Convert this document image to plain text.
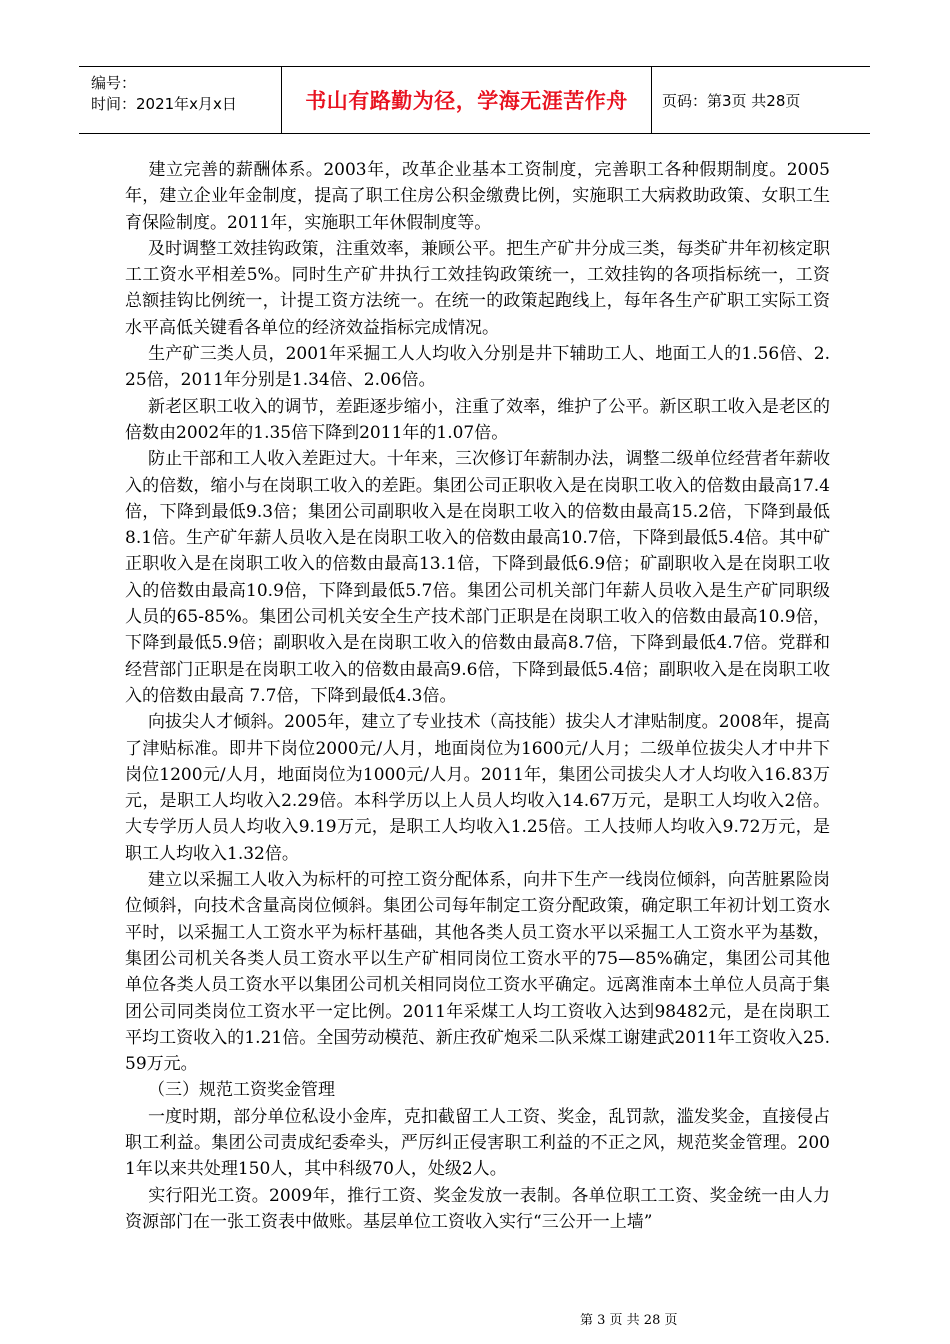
编号：
时间：2021年x月x日	书山有路勤为径，学海无涯苦作舟	页码：第3页 共28页

建立完善的薪酬体系。2003年，改革企业基本工资制度，完善职工各种假期制度。2005年，建立企业年金制度，提高了职工住房公积金缴费比例，实施职工大病救助政策、女职工生育保险制度。2011年，实施职工年休假制度等。

及时调整工效挂钩政策，注重效率，兼顾公平。把生产矿井分成三类，每类矿井年初核定职工工资水平相差5%。同时生产矿井执行工效挂钩政策统一，工效挂钩的各项指标统一，工资总额挂钩比例统一，计提工资方法统一。在统一的政策起跑线上，每年各生产矿职工实际工资水平高低关键看各单位的经济效益指标完成情况。

生产矿三类人员，2001年采掘工人人均收入分别是井下辅助工人、地面工人的1.56倍、2.25倍，2011年分别是1.34倍、2.06倍。

新老区职工收入的调节，差距逐步缩小，注重了效率，维护了公平。新区职工收入是老区的倍数由2002年的1.35倍下降到2011年的1.07倍。

防止干部和工人收入差距过大。十年来，三次修订年薪制办法，调整二级单位经营者年薪收入的倍数，缩小与在岗职工收入的差距。集团公司正职收入是在岗职工收入的倍数由最高17.4倍，下降到最低9.3倍；集团公司副职收入是在岗职工收入的倍数由最高15.2倍，下降到最低8.1倍。生产矿年薪人员收入是在岗职工收入的倍数由最高10.7倍，下降到最低5.4倍。其中矿正职收入是在岗职工收入的倍数由最高13.1倍，下降到最低6.9倍；矿副职收入是在岗职工收入的倍数由最高10.9倍，下降到最低5.7倍。集团公司机关部门年薪人员收入是生产矿同职级人员的65-85%。集团公司机关安全生产技术部门正职是在岗职工收入的倍数由最高10.9倍，下降到最低5.9倍；副职收入是在岗职工收入的倍数由最高8.7倍，下降到最低4.7倍。党群和经营部门正职是在岗职工收入的倍数由最高9.6倍，下降到最低5.4倍；副职收入是在岗职工收入的倍数由最高 7.7倍，下降到最低4.3倍。

向拔尖人才倾斜。2005年，建立了专业技术（高技能）拔尖人才津贴制度。2008年，提高了津贴标准。即井下岗位2000元/人月，地面岗位为1600元/人月；二级单位拔尖人才中井下岗位1200元/人月，地面岗位为1000元/人月。2011年，集团公司拔尖人才人均收入16.83万元，是职工人均收入2.29倍。本科学历以上人员人均收入14.67万元，是职工人均收入2倍。大专学历人员人均收入9.19万元，是职工人均收入1.25倍。工人技师人均收入9.72万元，是职工人均收入1.32倍。

建立以采掘工人收入为标杆的可控工资分配体系，向井下生产一线岗位倾斜，向苦脏累险岗位倾斜，向技术含量高岗位倾斜。集团公司每年制定工资分配政策，确定职工年初计划工资水平时，以采掘工人工资水平为标杆基础，其他各类人员工资水平以采掘工人工资水平为基数，集团公司机关各类人员工资水平以生产矿相同岗位工资水平的75—85%确定，集团公司其他单位各类人员工资水平以集团公司机关相同岗位工资水平确定。远离淮南本土单位人员高于集团公司同类岗位工资水平一定比例。2011年采煤工人均工资收入达到98482元，是在岗职工平均工资收入的1.21倍。全国劳动模范、新庄孜矿炮采二队采煤工谢建武2011年工资收入25.59万元。

（三）规范工资奖金管理

一度时期，部分单位私设小金库，克扣截留工人工资、奖金，乱罚款，滥发奖金，直接侵占职工利益。集团公司责成纪委牵头，严厉纠正侵害职工利益的不正之风，规范奖金管理。2001年以来共处理150人，其中科级70人，处级2人。

实行阳光工资。2009年，推行工资、奖金发放一表制。各单位职工工资、奖金统一由人力资源部门在一张工资表中做账。基层单位工资收入实行“三公开一上墙”

第 3 页 共 28 页
